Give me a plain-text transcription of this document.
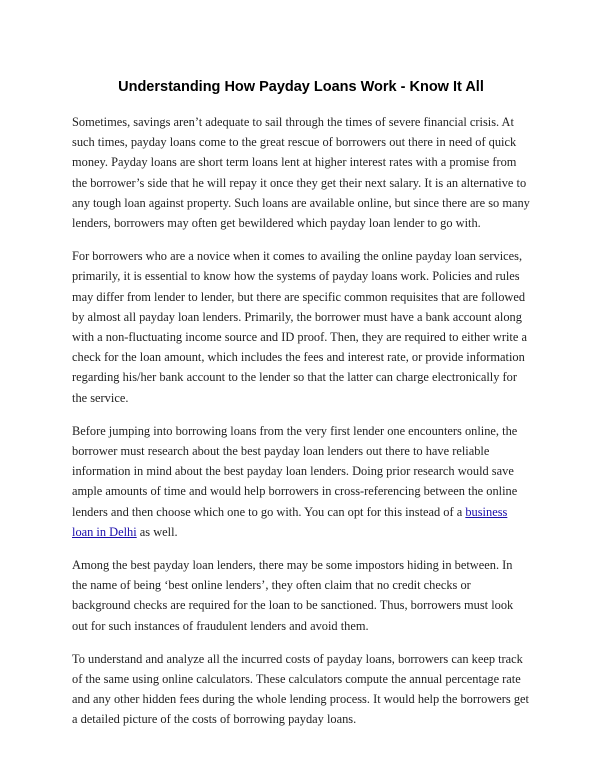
Understanding How Payday Loans Work - Know It All

Sometimes, savings aren’t adequate to sail through the times of severe financial crisis. At such times, payday loans come to the great rescue of borrowers out there in need of quick money. Payday loans are short term loans lent at higher interest rates with a promise from the borrower’s side that he will repay it once they get their next salary. It is an alternative to any tough loan against property. Such loans are available online, but since there are so many lenders, borrowers may often get bewildered which payday loan lender to go with.

For borrowers who are a novice when it comes to availing the online payday loan services, primarily, it is essential to know how the systems of payday loans work. Policies and rules may differ from lender to lender, but there are specific common requisites that are followed by almost all payday loan lenders. Primarily, the borrower must have a bank account along with a non-fluctuating income source and ID proof. Then, they are required to either write a check for the loan amount, which includes the fees and interest rate, or provide information regarding his/her bank account to the lender so that the latter can charge electronically for the service.

Before jumping into borrowing loans from the very first lender one encounters online, the borrower must research about the best payday loan lenders out there to have reliable information in mind about the best payday loan lenders. Doing prior research would save ample amounts of time and would help borrowers in cross-referencing between the online lenders and then choose which one to go with. You can opt for this instead of a business loan in Delhi as well.

Among the best payday loan lenders, there may be some impostors hiding in between. In the name of being ‘best online lenders’, they often claim that no credit checks or background checks are required for the loan to be sanctioned. Thus, borrowers must look out for such instances of fraudulent lenders and avoid them.

To understand and analyze all the incurred costs of payday loans, borrowers can keep track of the same using online calculators. These calculators compute the annual percentage rate and any other hidden fees during the whole lending process. It would help the borrowers get a detailed picture of the costs of borrowing payday loans.
